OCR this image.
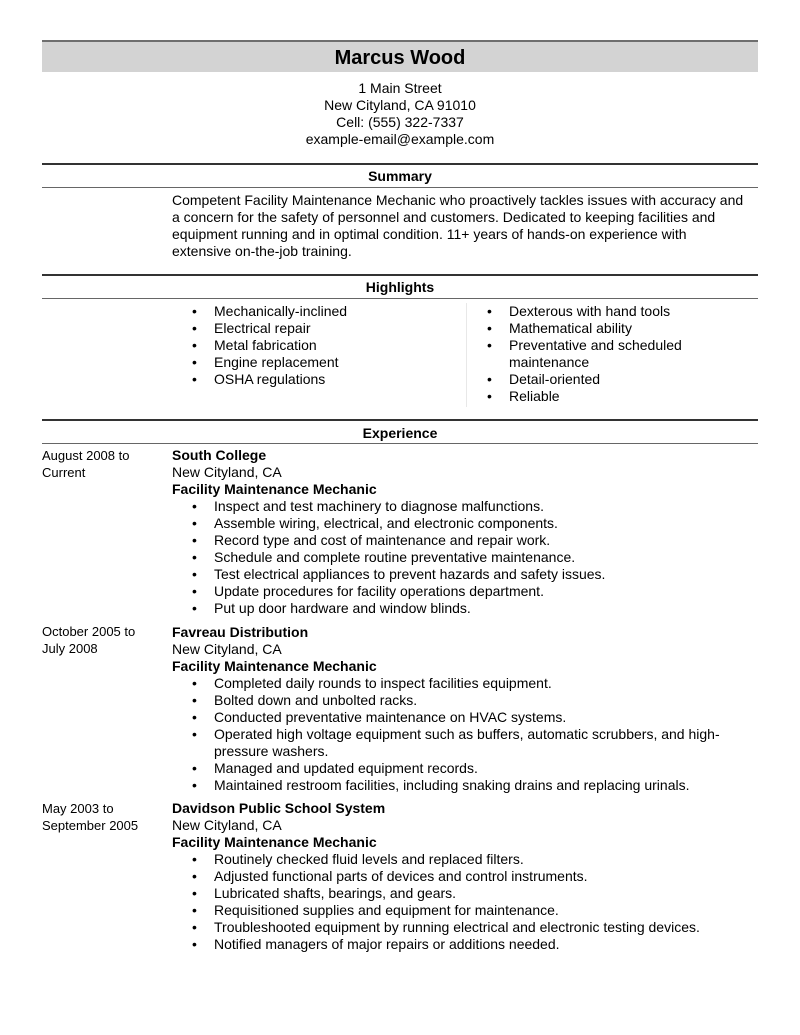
Marcus Wood
1 Main Street
New Cityland, CA 91010
Cell: (555) 322-7337
example-email@example.com
Summary
Competent Facility Maintenance Mechanic who proactively tackles issues with accuracy and
a concern for the safety of personnel and customers. Dedicated to keeping facilities and
equipment running and in optimal condition. 11+ years of hands-on experience with
extensive on-the-job training.
Highlights
• Mechanically-inclined
• Electrical repair
• Metal fabrication
• Engine replacement
• OSHA regulations
• Dexterous with hand tools
• Mathematical ability
• Preventative and scheduled maintenance
• Detail-oriented
• Reliable
Experience
August 2008 to
Current
South College
New Cityland, CA
Facility Maintenance Mechanic
• Inspect and test machinery to diagnose malfunctions.
• Assemble wiring, electrical, and electronic components.
• Record type and cost of maintenance and repair work.
• Schedule and complete routine preventative maintenance.
• Test electrical appliances to prevent hazards and safety issues.
• Update procedures for facility operations department.
• Put up door hardware and window blinds.
October 2005 to
July 2008
Favreau Distribution
New Cityland, CA
Facility Maintenance Mechanic
• Completed daily rounds to inspect facilities equipment.
• Bolted down and unbolted racks.
• Conducted preventative maintenance on HVAC systems.
• Operated high voltage equipment such as buffers, automatic scrubbers, and high-pressure washers.
• Managed and updated equipment records.
• Maintained restroom facilities, including snaking drains and replacing urinals.
May 2003 to
September 2005
Davidson Public School System
New Cityland, CA
Facility Maintenance Mechanic
• Routinely checked fluid levels and replaced filters.
• Adjusted functional parts of devices and control instruments.
• Lubricated shafts, bearings, and gears.
• Requisitioned supplies and equipment for maintenance.
• Troubleshooted equipment by running electrical and electronic testing devices.
• Notified managers of major repairs or additions needed.
